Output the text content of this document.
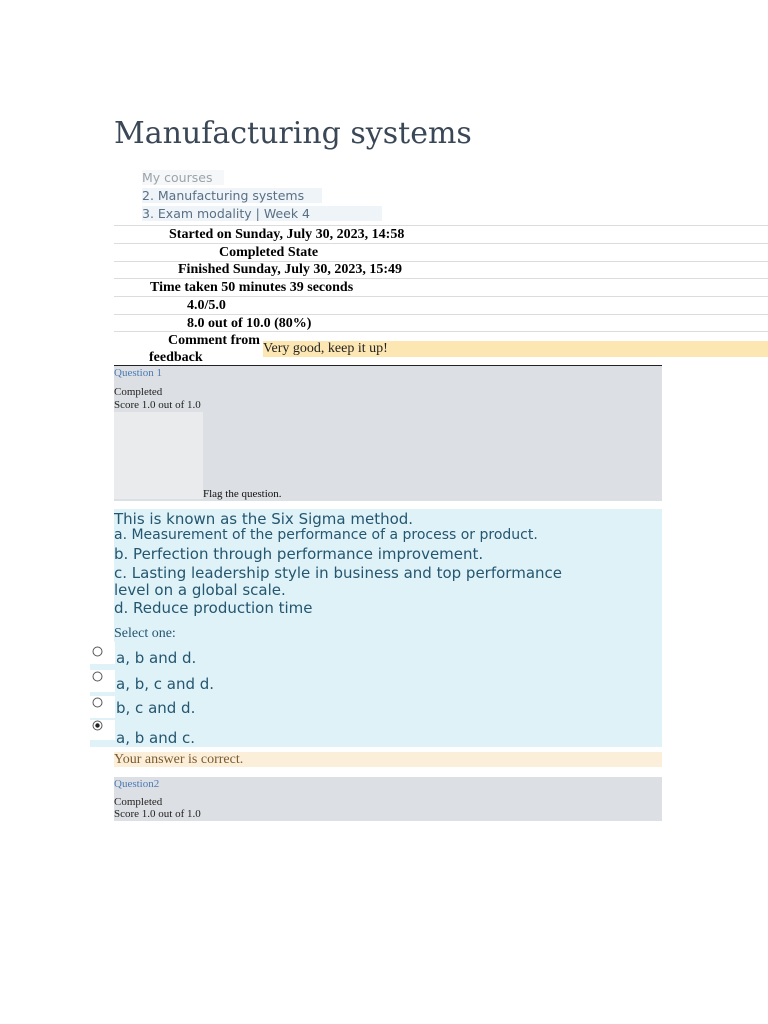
Manufacturing systems
My courses
2. Manufacturing systems
3. Exam modality | Week 4
Started on Sunday, July 30, 2023, 14:58
Completed State
Finished Sunday, July 30, 2023, 15:49
Time taken 50 minutes 39 seconds
4.0/5.0
8.0 out of 10.0 (80%)
Comment from
feedback
Very good, keep it up!
Question 1
Completed
Score 1.0 out of 1.0
Flag the question.
This is known as the Six Sigma method.
a. Measurement of the performance of a process or product.
b. Perfection through performance improvement.
c. Lasting leadership style in business and top performance
level on a global scale.
d. Reduce production time
Select one:
a, b and d.
a, b, c and d.
b, c and d.
a, b and c.
Your answer is correct.
Question2
Completed
Score 1.0 out of 1.0
